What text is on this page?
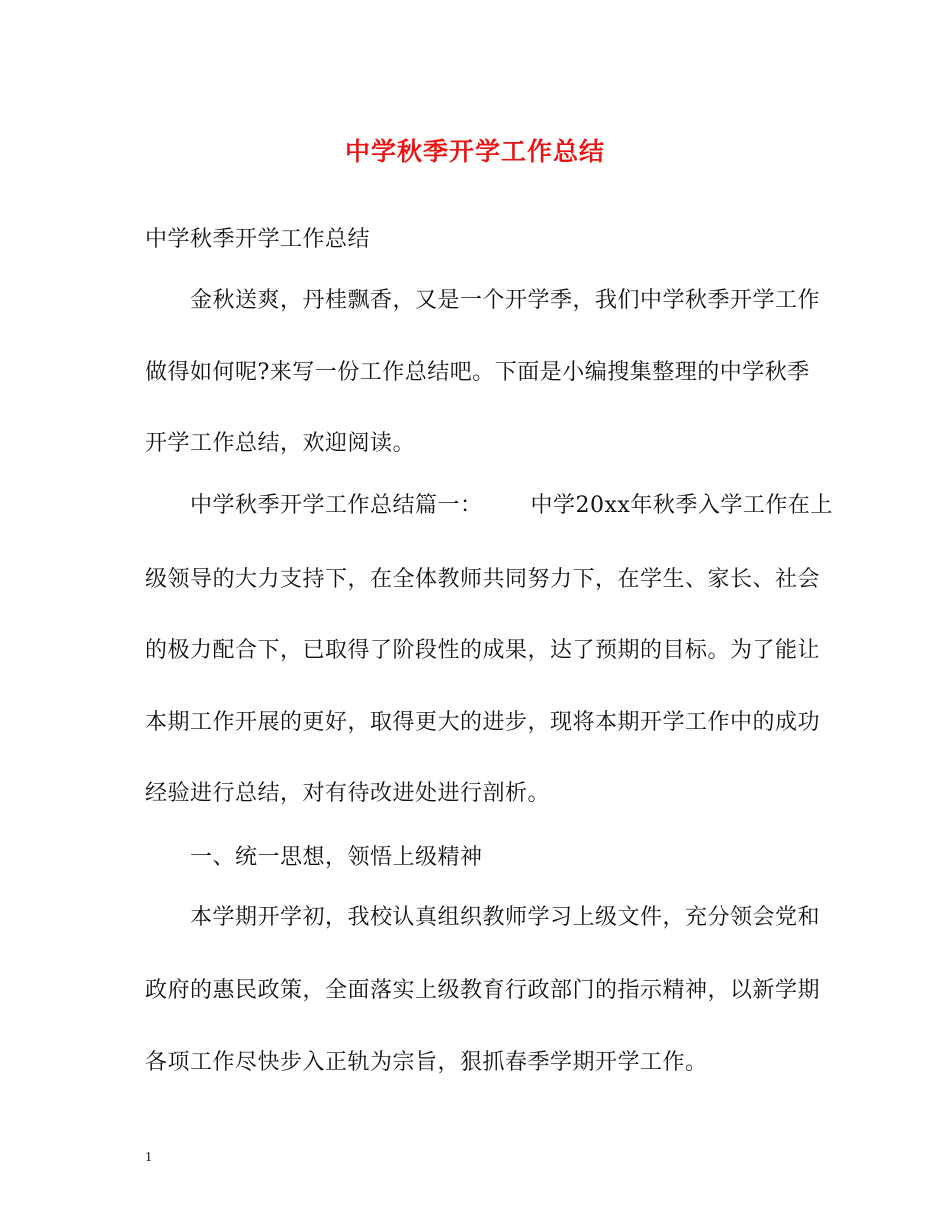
中学秋季开学工作总结
中学秋季开学工作总结
金秋送爽，丹桂飘香，又是一个开学季，我们中学秋季开学工作
做得如何呢?来写一份工作总结吧。下面是小编搜集整理的中学秋季
开学工作总结，欢迎阅读。
中学秋季开学工作总结篇一： 中学20xx年秋季入学工作在上
级领导的大力支持下，在全体教师共同努力下，在学生、家长、社会
的极力配合下，已取得了阶段性的成果，达了预期的目标。为了能让
本期工作开展的更好，取得更大的进步，现将本期开学工作中的成功
经验进行总结，对有待改进处进行剖析。
一、统一思想，领悟上级精神
本学期开学初，我校认真组织教师学习上级文件，充分领会党和
政府的惠民政策，全面落实上级教育行政部门的指示精神，以新学期
各项工作尽快步入正轨为宗旨，狠抓春季学期开学工作。
1
